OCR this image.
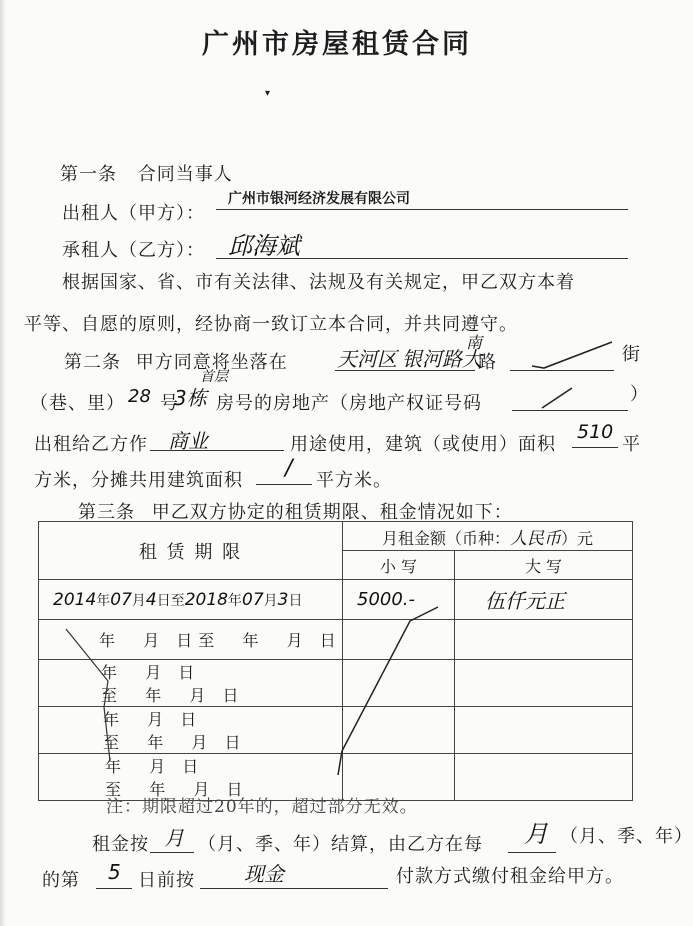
广州市房屋租赁合同
▾
第一条 合同当事人
出租人（甲方）：
广州市银河经济发展有限公司
承租人（乙方）： 邱海斌
根据国家、省、市有关法律、法规及有关规定，甲乙双方本着
平等、自愿的原则，经协商一致订立本合同，并共同遵守。
第二条 甲方同意将坐落在 天河区 银河路大
南
路	街
（巷、里） 28 号
3栋
首层
房号的房地产（房地产权证号码	）
出租给乙方作 商业	用途使用，建筑（或使用）面积
510
平
方米，分摊共用建筑面积 / 平方米。
第三条 甲乙双方协定的租赁期限、租金情况如下：
租 赁 期 限	月租金额（币种：人民币）元	
	小 写	大 写
2014年07月4日至2018年07月3日	5000.-	伍仟元正
年 月 日至 年 月 日		
年 月 日至 年 月 日		
年 月 日至 年 月 日		
年 月 日至 年 月 日		
注：期限超过20年的，超过部分无效。
租金按 月 （月、季、年）结算，由乙方在每 月 （月、季、年）
的第 5 日前按 现金	付款方式缴付租金给甲方。
